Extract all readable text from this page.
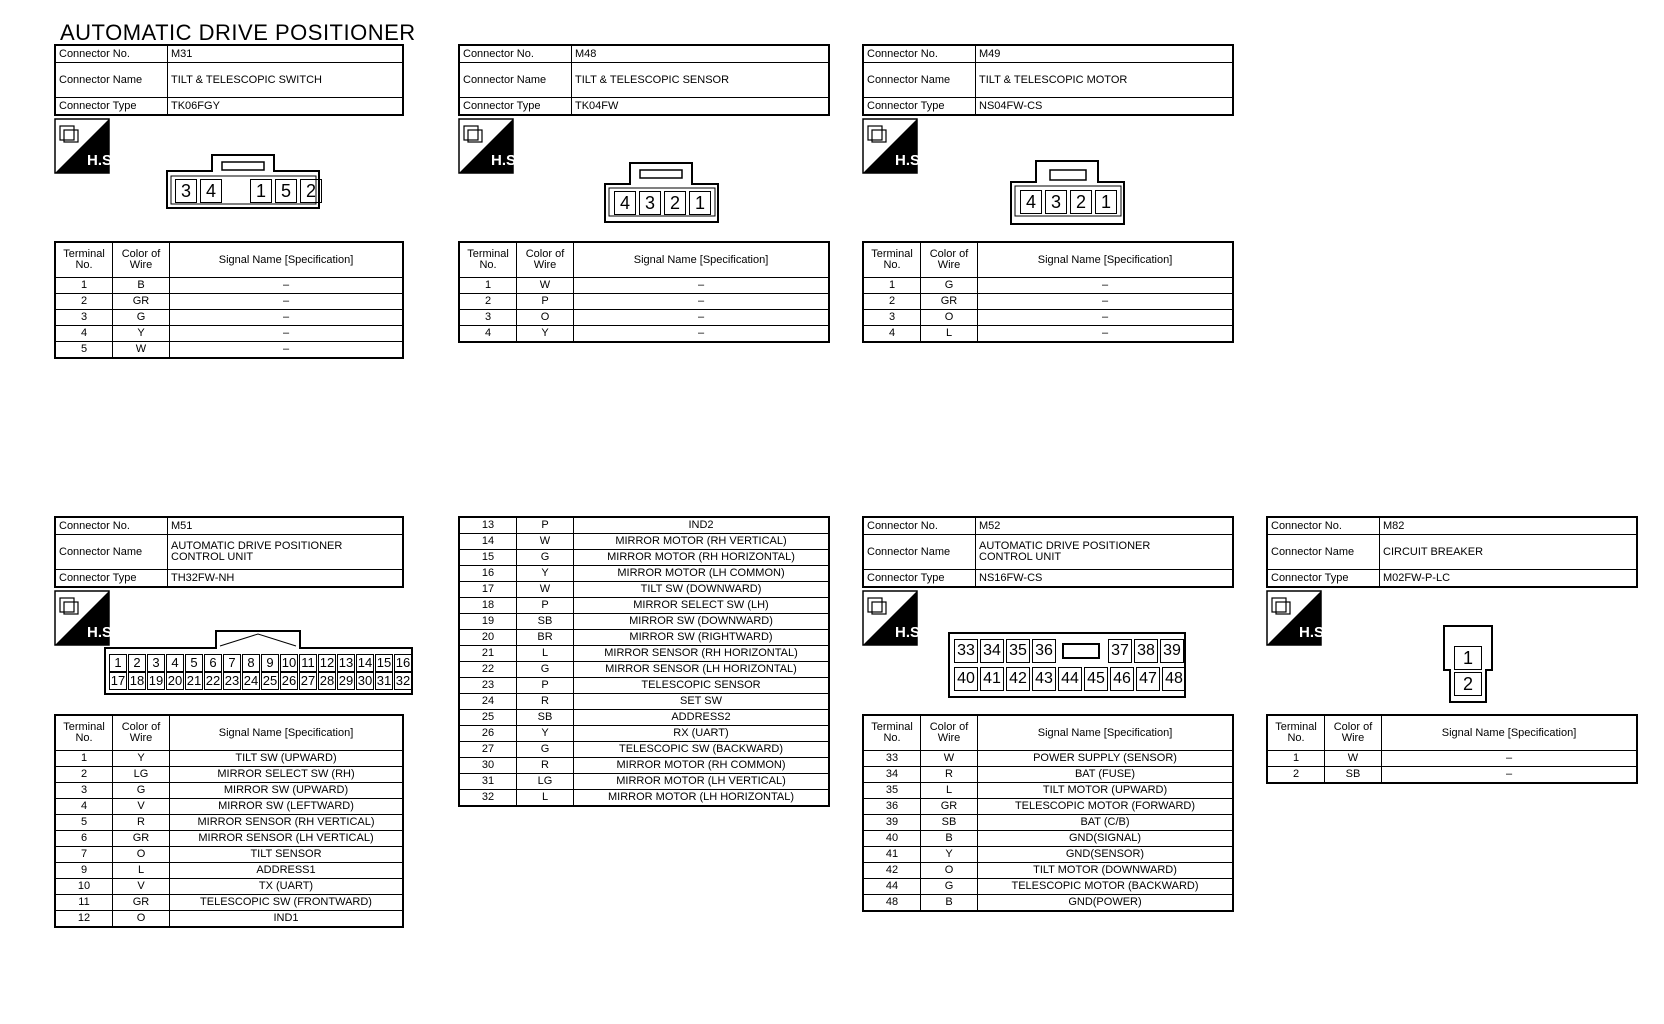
AUTOMATIC DRIVE POSITIONER
Connector No.	M31
Connector Name	TILT & TELESCOPIC SWITCH
Connector Type	TK06FGY
H.S.
3 4	1 5 2
Terminal No.	Color of Wire	Signal Name [Specification]
1	B	–
2	GR	–
3	G	–
4	Y	–
5	W	–
Connector No.	M48
Connector Name	TILT & TELESCOPIC SENSOR
Connector Type	TK04FW
H.S.
4 3 2 1
Terminal No.	Color of Wire	Signal Name [Specification]
1	W	–
2	P	–
3	O	–
4	Y	–
Connector No.	M49
Connector Name	TILT & TELESCOPIC MOTOR
Connector Type	NS04FW-CS
H.S.
4 3 2 1
Terminal No.	Color of Wire	Signal Name [Specification]
1	G	–
2	GR	–
3	O	–
4	L	–
Connector No.	M51
Connector Name	AUTOMATIC DRIVE POSITIONER
CONTROL UNIT
Connector Type	TH32FW-NH
H.S.
1 2 3 4 5 6 7 8 9 10 11 12 13 14 15 16
17 18 19 20 21 22 23 24 25 26 27 28 29 30 31 32
Terminal No.	Color of Wire	Signal Name [Specification]
1	Y	TILT SW (UPWARD)
2	LG	MIRROR SELECT SW (RH)
3	G	MIRROR SW (UPWARD)
4	V	MIRROR SW (LEFTWARD)
5	R	MIRROR SENSOR (RH VERTICAL)
6	GR	MIRROR SENSOR (LH VERTICAL)
7	O	TILT SENSOR
9	L	ADDRESS1
10	V	TX (UART)
11	GR	TELESCOPIC SW (FRONTWARD)
12	O	IND1
13	P	IND2
14	W	MIRROR MOTOR (RH VERTICAL)
15	G	MIRROR MOTOR (RH HORIZONTAL)
16	Y	MIRROR MOTOR (LH COMMON)
17	W	TILT SW (DOWNWARD)
18	P	MIRROR SELECT SW (LH)
19	SB	MIRROR SW (DOWNWARD)
20	BR	MIRROR SW (RIGHTWARD)
21	L	MIRROR SENSOR (RH HORIZONTAL)
22	G	MIRROR SENSOR (LH HORIZONTAL)
23	P	TELESCOPIC SENSOR
24	R	SET SW
25	SB	ADDRESS2
26	Y	RX (UART)
27	G	TELESCOPIC SW (BACKWARD)
30	R	MIRROR MOTOR (RH COMMON)
31	LG	MIRROR MOTOR (LH VERTICAL)
32	L	MIRROR MOTOR (LH HORIZONTAL)
Connector No.	M52
Connector Name	AUTOMATIC DRIVE POSITIONER
CONTROL UNIT
Connector Type	NS16FW-CS
H.S.
33 34 35 36	37 38 39
40 41 42 43 44 45 46 47 48
Terminal No.	Color of Wire	Signal Name [Specification]
33	W	POWER SUPPLY (SENSOR)
34	R	BAT (FUSE)
35	L	TILT MOTOR (UPWARD)
36	GR	TELESCOPIC MOTOR (FORWARD)
39	SB	BAT (C/B)
40	B	GND(SIGNAL)
41	Y	GND(SENSOR)
42	O	TILT MOTOR (DOWNWARD)
44	G	TELESCOPIC MOTOR (BACKWARD)
48	B	GND(POWER)
Connector No.	M82
Connector Name	CIRCUIT BREAKER
Connector Type	M02FW-P-LC
H.S.
1
2
Terminal No.	Color of Wire	Signal Name [Specification]
1	W	–
2	SB	–
